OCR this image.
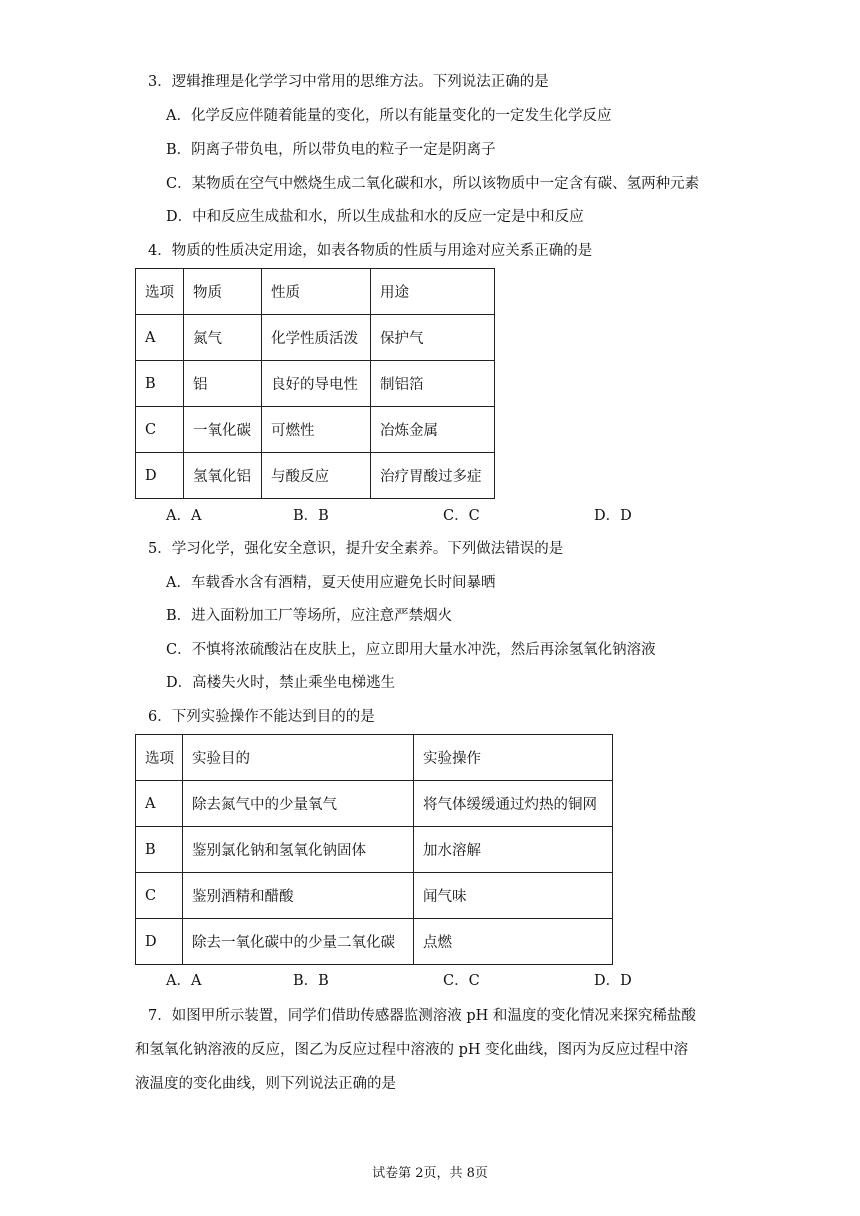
3．逻辑推理是化学学习中常用的思维方法。下列说法正确的是
A．化学反应伴随着能量的变化，所以有能量变化的一定发生化学反应
B．阴离子带负电，所以带负电的粒子一定是阴离子
C．某物质在空气中燃烧生成二氧化碳和水，所以该物质中一定含有碳、氢两种元素
D．中和反应生成盐和水，所以生成盐和水的反应一定是中和反应
4．物质的性质决定用途，如表各物质的性质与用途对应关系正确的是
选项	物质	性质	用途
A	氮气	化学性质活泼	保护气
B	铝	良好的导电性	制铝箔
C	一氧化碳	可燃性	冶炼金属
D	氢氧化铝	与酸反应	治疗胃酸过多症
A．A	B．B	C．C	D．D
5．学习化学，强化安全意识，提升安全素养。下列做法错误的是
A．车载香水含有酒精，夏天使用应避免长时间暴晒
B．进入面粉加工厂等场所，应注意严禁烟火
C．不慎将浓硫酸沾在皮肤上，应立即用大量水冲洗，然后再涂氢氧化钠溶液
D．高楼失火时，禁止乘坐电梯逃生
6．下列实验操作不能达到目的的是
选项	实验目的	实验操作
A	除去氮气中的少量氧气	将气体缓缓通过灼热的铜网
B	鉴别氯化钠和氢氧化钠固体	加水溶解
C	鉴别酒精和醋酸	闻气味
D	除去一氧化碳中的少量二氧化碳	点燃
A．A	B．B	C．C	D．D
7．如图甲所示装置，同学们借助传感器监测溶液 pH 和温度的变化情况来探究稀盐酸
和氢氧化钠溶液的反应，图乙为反应过程中溶液的 pH 变化曲线，图丙为反应过程中溶
液温度的变化曲线，则下列说法正确的是
试卷第 2页，共 8页
